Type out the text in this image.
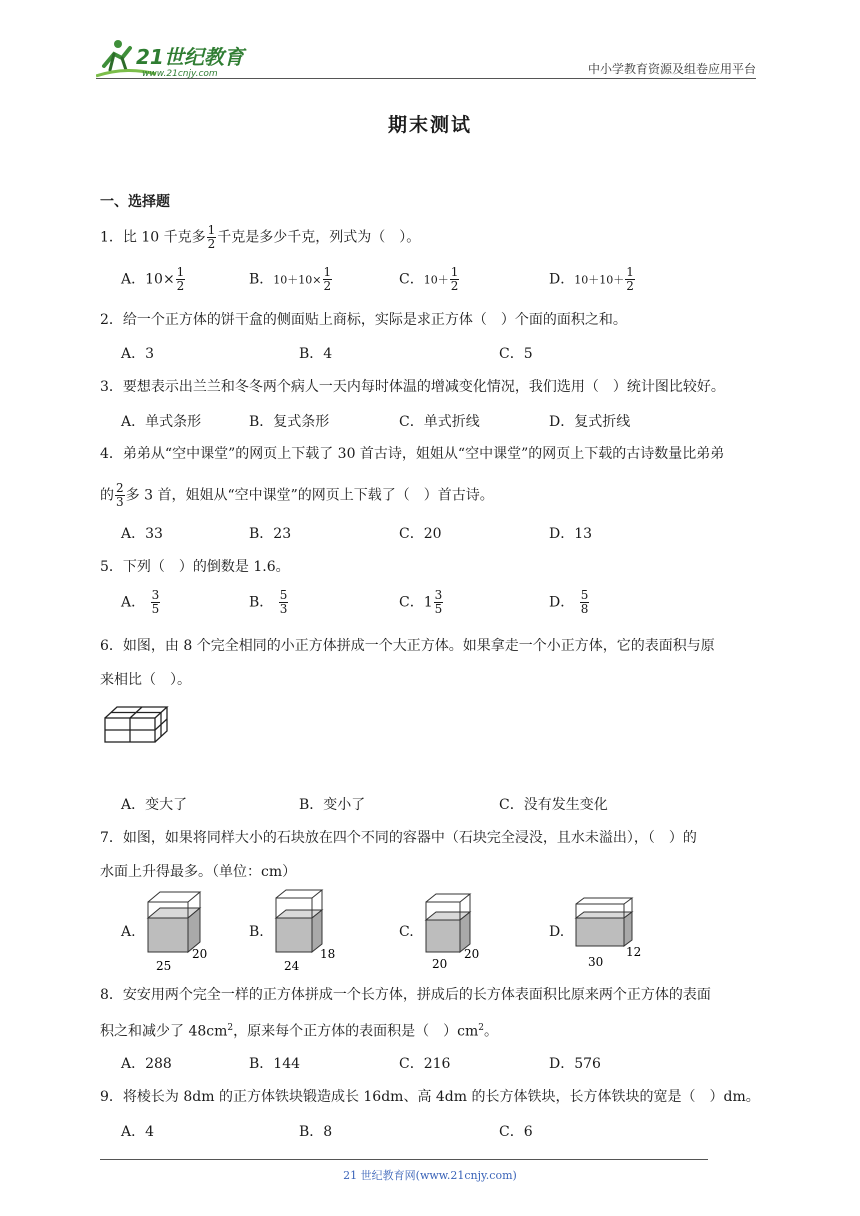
21世纪教育
www.21cnjy.com	中小学教育资源及组卷应用平台
期末测试
一、选择题
1．比 10 千克多 $\frac{1}{2}$ 千克是多少千克，列式为（　）。
A．$10\times \frac{1}{2}$	B．$10+10\times \frac{1}{2}$	C．$10+ \frac{1}{2}$	D．$10+10+ \frac{1}{2}$
2．给一个正方体的饼干盒的侧面贴上商标，实际是求正方体（　）个面的面积之和。
A．3	B．4	C．5
3．要想表示出兰兰和冬冬两个病人一天内每时体温的增减变化情况，我们选用（　）统计图比较好。
A．单式条形	B．复式条形	C．单式折线	D．复式折线
4．弟弟从“空中课堂”的网页上下载了 30 首古诗，姐姐从“空中课堂”的网页上下载的古诗数量比弟弟
的 $\frac{2}{3}$ 多 3 首，姐姐从“空中课堂”的网页上下载了（　）首古诗。
A．33	B．23	C．20	D．13
5．下列（　）的倒数是 1.6。
A． $\frac{3}{5}$	B． $\frac{5}{3}$	C．$1 \frac{3}{5}$	D． $\frac{5}{8}$
6．如图，由 8 个完全相同的小正方体拼成一个大正方体。如果拿走一个小正方体，它的表面积与原
来相比（　）。
A．变大了	B．变小了	C．没有发生变化
7．如图，如果将同样大小的石块放在四个不同的容器中（石块完全浸没，且水未溢出），（　）的
水面上升得最多。（单位：cm）
A.
25
20
B.
24
18
C.
20
20
D.
30
12
8．安安用两个完全一样的正方体拼成一个长方体，拼成后的长方体表面积比原来两个正方体的表面
积之和减少了 $48cm^2$，原来每个正方体的表面积是（　）$cm^2$。
A．288	B．144	C．216	D．576
9．将棱长为 8dm 的正方体铁块锻造成长 16dm、高 4dm 的长方体铁块，长方体铁块的宽是（　）dm。
A．4	B．8	C．6
21 世纪教育网(www.21cnjy.com)
